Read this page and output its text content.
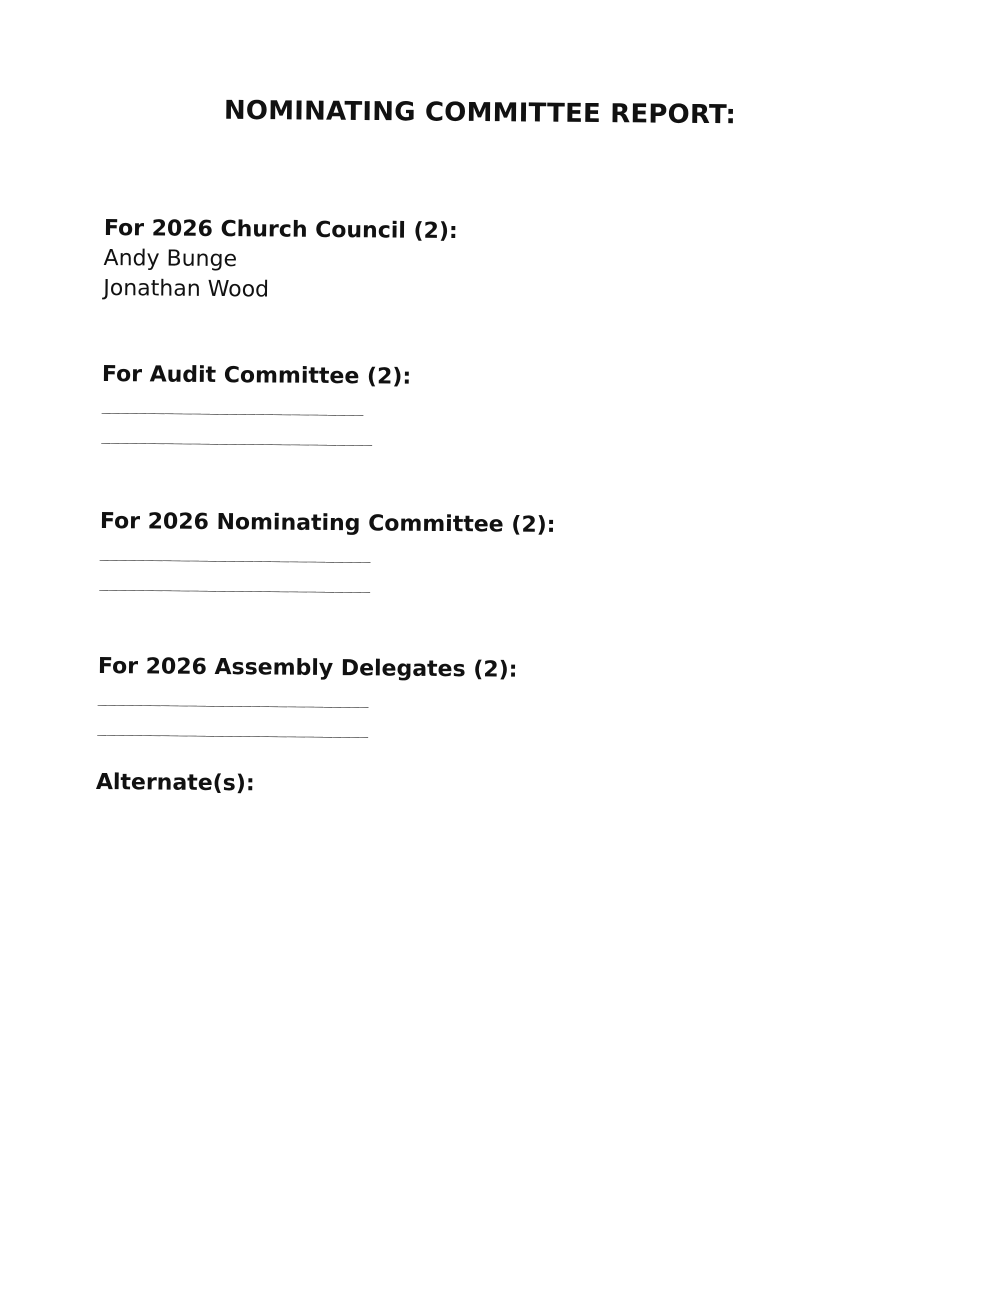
NOMINATING COMMITTEE REPORT:
For 2026 Church Council (2):
Andy Bunge
Jonathan Wood
For Audit Committee (2):
_____________________________
______________________________
For 2026 Nominating Committee (2):
______________________________
______________________________
For 2026 Assembly Delegates (2):
______________________________
______________________________
Alternate(s):
